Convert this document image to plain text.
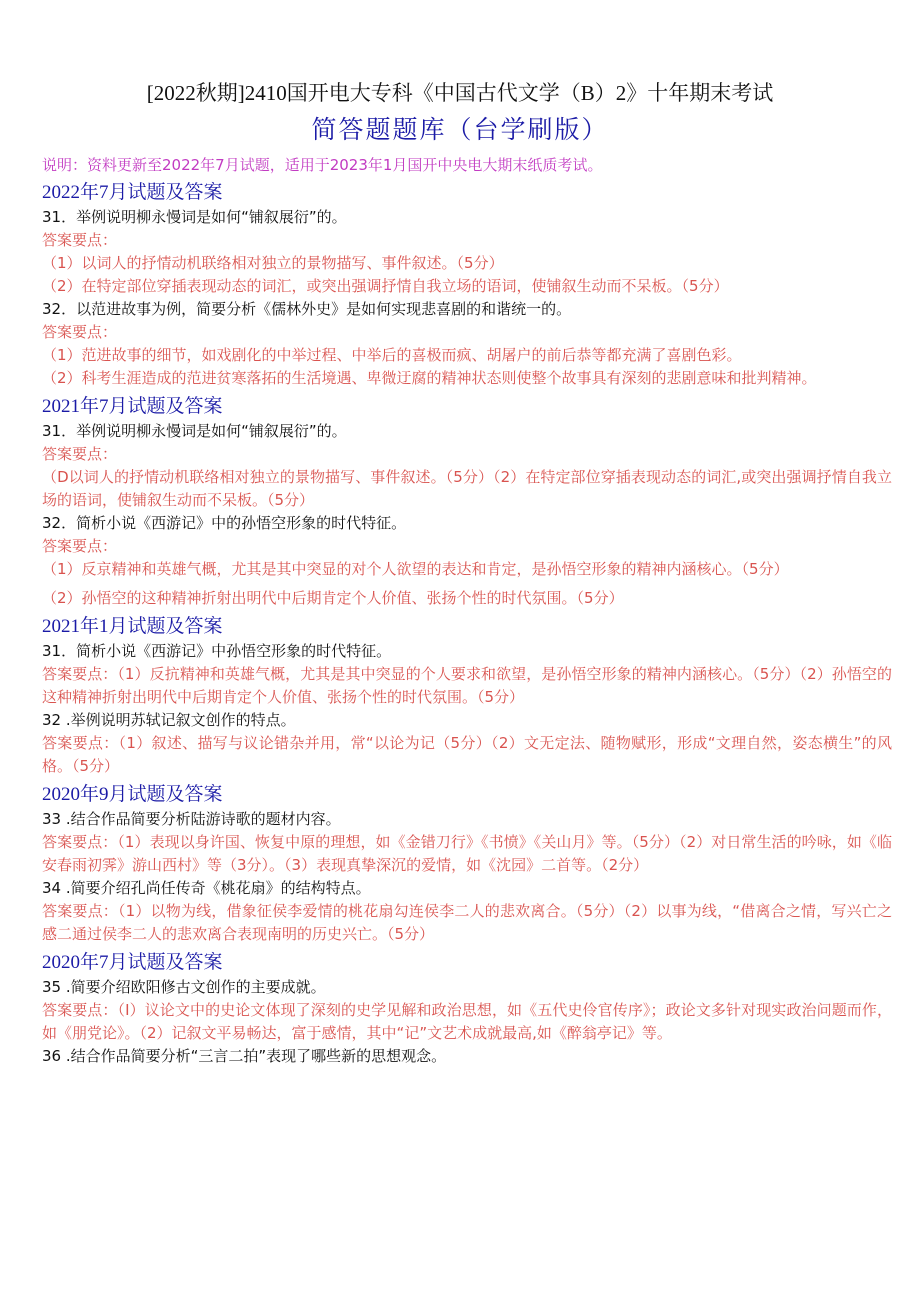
[2022秋期]2410国开电大专科《中国古代文学（B）2》十年期末考试
简答题题库（台学刷版）
说明：资料更新至2022年7月试题，适用于2023年1月国开中央电大期末纸质考试。

2022年7月试题及答案

31．举例说明柳永慢词是如何“铺叙展衍”的。

答案要点：

（1）以词人的抒情动机联络相对独立的景物描写、事件叙述。（5分）

（2）在特定部位穿插表现动态的词汇，或突出强调抒情自我立场的语词，使铺叙生动而不呆板。（5分）

32．以范进故事为例，简要分析《儒林外史》是如何实现悲喜剧的和谐统一的。

答案要点：

（1）范进故事的细节，如戏剧化的中举过程、中举后的喜极而疯、胡屠户的前后恭等都充满了喜剧色彩。

（2）科考生涯造成的范进贫寒落拓的生活境遇、卑微迂腐的精神状态则使整个故事具有深刻的悲剧意味和批判精神。

2021年7月试题及答案

31．举例说明柳永慢词是如何“铺叙展衍”的。

答案要点：

（D以词人的抒情动机联络相对独立的景物描写、事件叙述。（5分）（2）在特定部位穿插表现动态的词汇,或突出强调抒情自我立场的语词，使铺叙生动而不呆板。（5分）

32．简析小说《西游记》中的孙悟空形象的时代特征。

答案要点：

（1）反京精神和英雄气概，尤其是其中突显的对个人欲望的表达和肯定，是孙悟空形象的精神内涵核心。（5分）

（2）孙悟空的这种精神折射出明代中后期肯定个人价值、张扬个性的时代氛围。（5分）

2021年1月试题及答案

31．简析小说《西游记》中孙悟空形象的时代特征。

答案要点：（1）反抗精神和英雄气概，尤其是其中突显的个人要求和欲望，是孙悟空形象的精神内涵核心。（5分）（2）孙悟空的这种精神折射出明代中后期肯定个人价值、张扬个性的时代氛围。（5分）

32 .举例说明苏轼记叙文创作的特点。

答案要点：（1）叙述、描写与议论错杂并用，常“以论为记（5分）（2）文无定法、随物赋形，形成“文理自然，姿态横生”的风格。（5分）

2020年9月试题及答案

33 .结合作品简要分析陆游诗歌的题材内容。

答案要点：（1）表现以身许国、恢复中原的理想，如《金错刀行》《书愤》《关山月》等。（5分）（2）对日常生活的吟咏，如《临安春雨初霁》游山西村》等（3分）。（3）表现真挚深沉的爱情，如《沈园》二首等。（2分）

34 .简要介绍孔尚任传奇《桃花扇》的结构特点。

答案要点：（1）以物为线，借象征侯李爱情的桃花扇勾连侯李二人的悲欢离合。（5分）（2）以事为线，“借离合之情，写兴亡之感二通过侯李二人的悲欢离合表现南明的历史兴亡。（5分）

2020年7月试题及答案

35 .简要介绍欧阳修古文创作的主要成就。

答案要点：（I）议论文中的史论文体现了深刻的史学见解和政治思想，如《五代史伶官传序》；政论文多针对现实政治问题而作，如《朋党论》。（2）记叙文平易畅达，富于感情，其中“记”文艺术成就最高,如《醉翁亭记》等。

36 .结合作品简要分析“三言二拍”表现了哪些新的思想观念。
